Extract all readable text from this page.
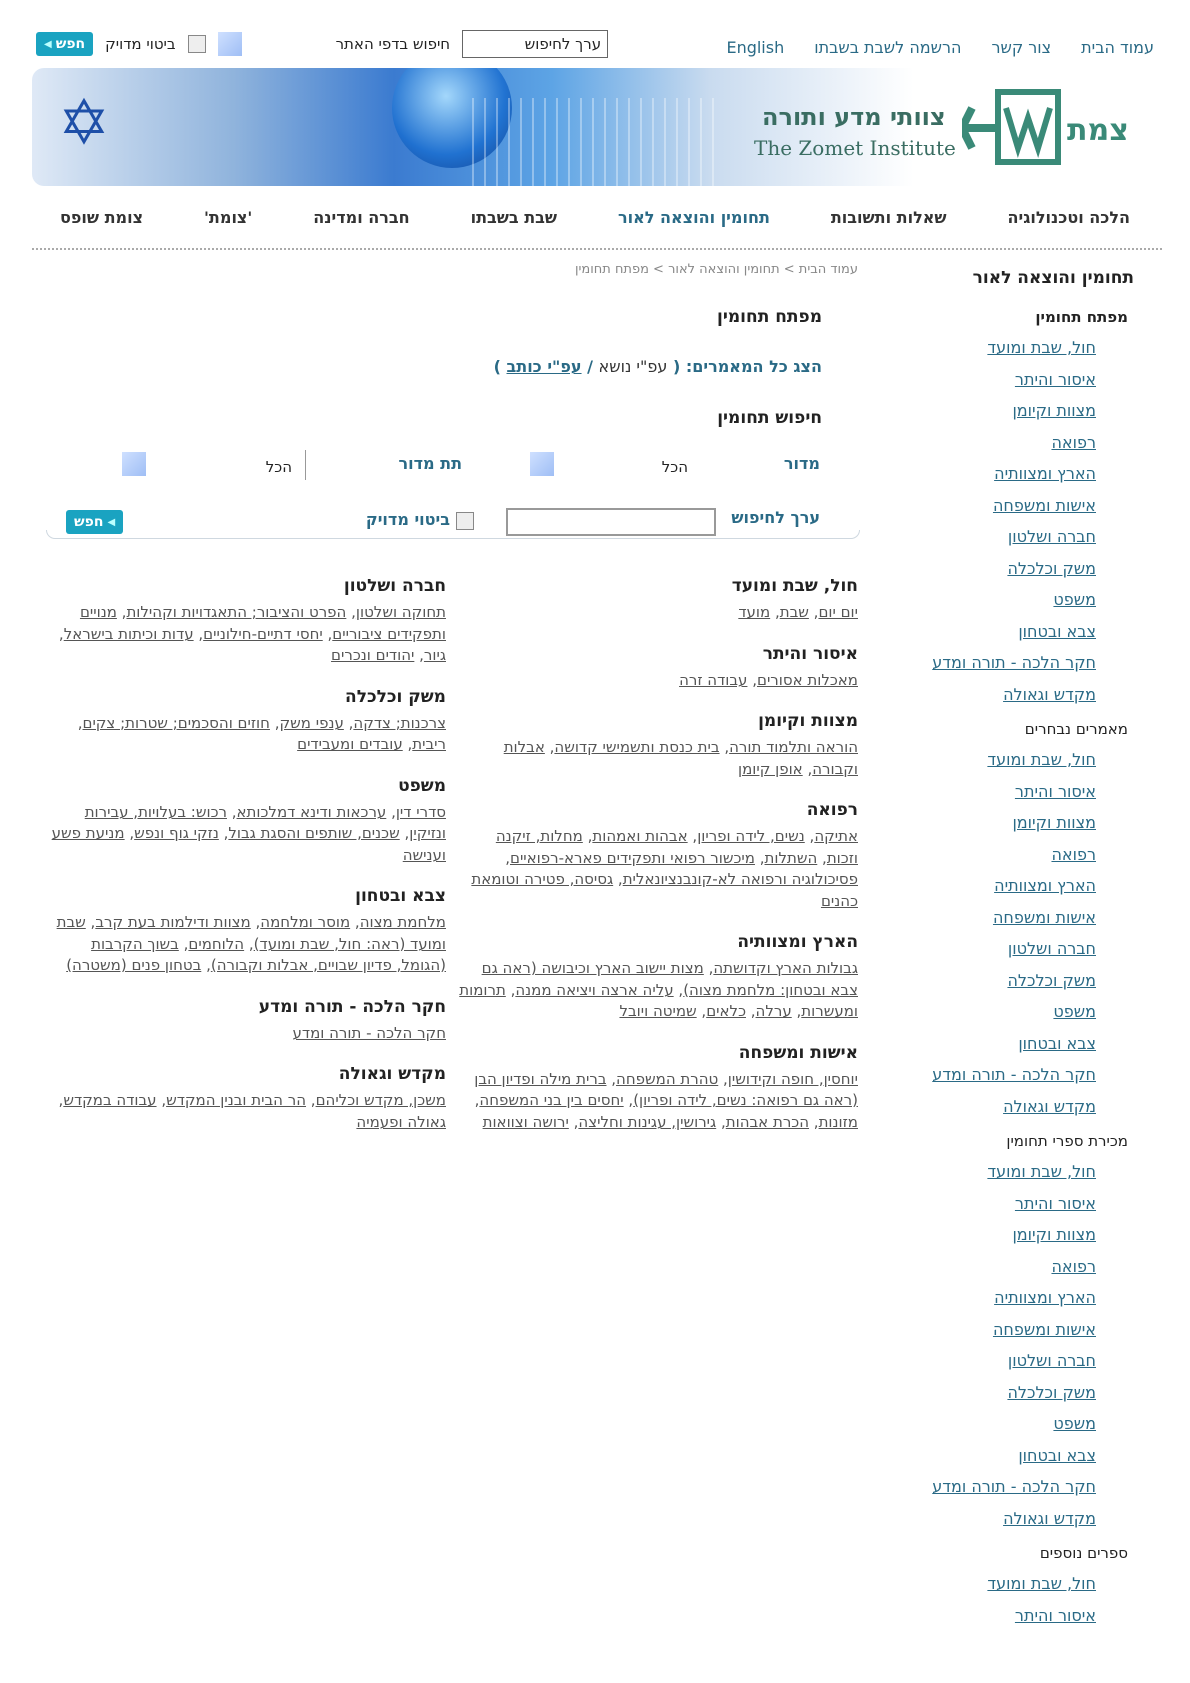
עמוד הבית
צור קשר
הרשמה לשבת בשבתו
English
◀ חפש ביטוי מדויק	חיפוש בדפי האתר	ערך לחיפוש
✡	צוותי מדע ותורה
The Zomet Institute	צמת
הלכה וטכנולוגיה
שאלות ותשובות
תחומין והוצאה לאור
שבת בשבתו
חברה ומדינה
'צומת'
צומת שופס
תחומין והוצאה לאור
מפתח תחומין
חול, שבת ומועד
איסור והיתר
מצוות וקיומן
רפואה
הארץ ומצוותיה
אישות ומשפחה
חברה ושלטון
משק וכלכלה
משפט
צבא ובטחון
חקר הלכה - תורה ומדע
מקדש וגאולה
מאמרים נבחרים
חול, שבת ומועד
איסור והיתר
מצוות וקיומן
רפואה
הארץ ומצוותיה
אישות ומשפחה
חברה ושלטון
משק וכלכלה
משפט
צבא ובטחון
חקר הלכה - תורה ומדע
מקדש וגאולה
מכירת ספרי תחומין
חול, שבת ומועד
איסור והיתר
מצוות וקיומן
רפואה
הארץ ומצוותיה
אישות ומשפחה
חברה ושלטון
משק וכלכלה
משפט
צבא ובטחון
חקר הלכה - תורה ומדע
מקדש וגאולה
ספרים נוספים
חול, שבת ומועד
איסור והיתר
עמוד הבית > תחומין והוצאה לאור > מפתח תחומין
מפתח תחומין
הצג כל המאמרים: ( עפ"י נושא / עפ"י כותב )
חיפוש תחומין
מדור
הכל
תת מדור
הכל
ערך לחיפוש
ביטוי מדויק
◀
חפש
חול, שבת ומועד
יום יום, שבת, מועד
איסור והיתר
מאכלות אסורים, עבודה זרה
מצוות וקיומן
הוראה ותלמוד תורה, בית כנסת ותשמישי קדושה, אבלות וקבורה, אופן קיומן
רפואה
אתיקה, נשים, לידה ופריון, אבהות ואמהות, מחלות, זיקנה וזכות, השתלות, מיכשור רפואי ותפקידים פארא-רפואיים, פסיכולוגיה ורפואה לא-קונבנציונאלית, גסיסה, פטירה וטומאת כהנים
הארץ ומצוותיה
גבולות הארץ וקדושתה, מצות יישוב הארץ וכיבושה (ראה גם צבא ובטחון: מלחמת מצוה), עליה ארצה ויציאה ממנה, תרומות ומעשרות, ערלה, כלאים, שמיטה ויובל
אישות ומשפחה
יוחסין, חופה וקידושין, טהרת המשפחה, ברית מילה ופדיון הבן (ראה גם רפואה: נשים, לידה ופריון), יחסים בין בני המשפחה, מזונות, הכרת אבהות, גירושין, עגינות וחליצה, ירושה וצוואות
חברה ושלטון
תחוקה ושלטון, הפרט והציבור; התאגדויות וקהילות, מנויים ותפקידים ציבוריים, יחסי דתיים-חילוניים, עדות וכיתות בישראל, גיור, יהודים ונכרים
משק וכלכלה
צרכנות; צדקה, ענפי משק, חוזים והסכמים; שטרות; צקים, ריבית, עובדים ומעבידים
משפט
סדרי דין, ערכאות ודינא דמלכותא, רכוש: בעלויות, עבירות ונזיקין, שכנים, שותפים והסגת גבול, נזקי גוף ונפש, מניעת פשע וענישה
צבא ובטחון
מלחמת מצוה, מוסר ומלחמה, מצוות ודילמות בעת קרב, שבת ומועד (ראה: חול, שבת ומועד), הלוחמים, בשוך הקרבות (הגומל, פדיון שבויים, אבלות וקבורה), בטחון פנים (משטרה)
חקר הלכה - תורה ומדע
חקר הלכה - תורה ומדע
מקדש וגאולה
משכן, מקדש וכליהם, הר הבית ובנין המקדש, עבודה במקדש, גאולה ופעמיה
